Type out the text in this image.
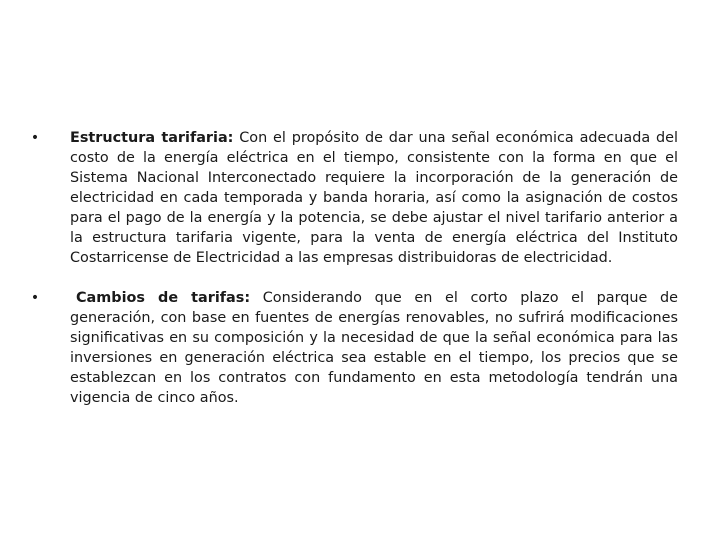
• Estructura tarifaria: Con el propósito de dar una señal económica adecuada del costo de la energía eléctrica en el tiempo, consistente con la forma en que el Sistema Nacional Interconectado requiere la incorporación de la generación de electricidad en cada temporada y banda horaria, así como la asignación de costos para el pago de la energía y la potencia, se debe ajustar el nivel tarifario anterior a la estructura tarifaria vigente, para la venta de energía eléctrica del Instituto Costarricense de Electricidad a las empresas distribuidoras de electricidad.

•	Cambios de tarifas: Considerando que en el corto plazo el parque de generación, con base en fuentes de energías renovables, no sufrirá modificaciones significativas en su composición y la necesidad de que la señal económica para las inversiones en generación eléctrica sea estable en el tiempo, los precios que se establezcan en los contratos con fundamento en esta metodología tendrán una vigencia de cinco años.
